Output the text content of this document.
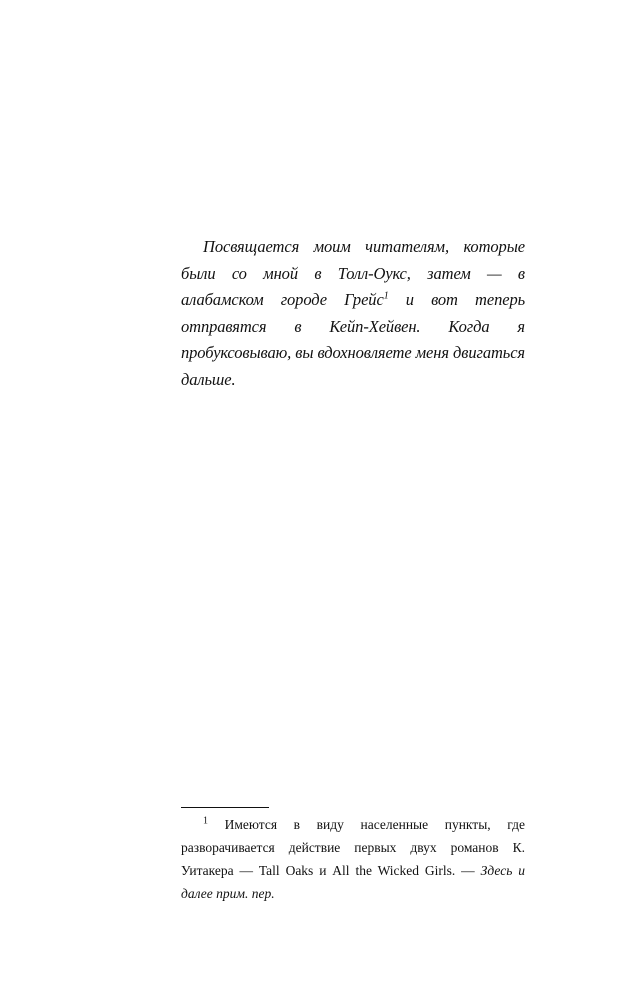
Посвящается моим читателям, которые были со мной в Толл-Оукс, затем — в алабамском городе Грейс$^1$ и вот теперь отправятся в Кейп-Хейвен. Когда я пробуксовываю, вы вдохновляете меня двигаться дальше.

$^1$ Имеются в виду населенные пункты, где разворачивается действие первых двух романов К. Уитакера — Tall Oaks и All the Wicked Girls. — Здесь и далее прим. пер.
